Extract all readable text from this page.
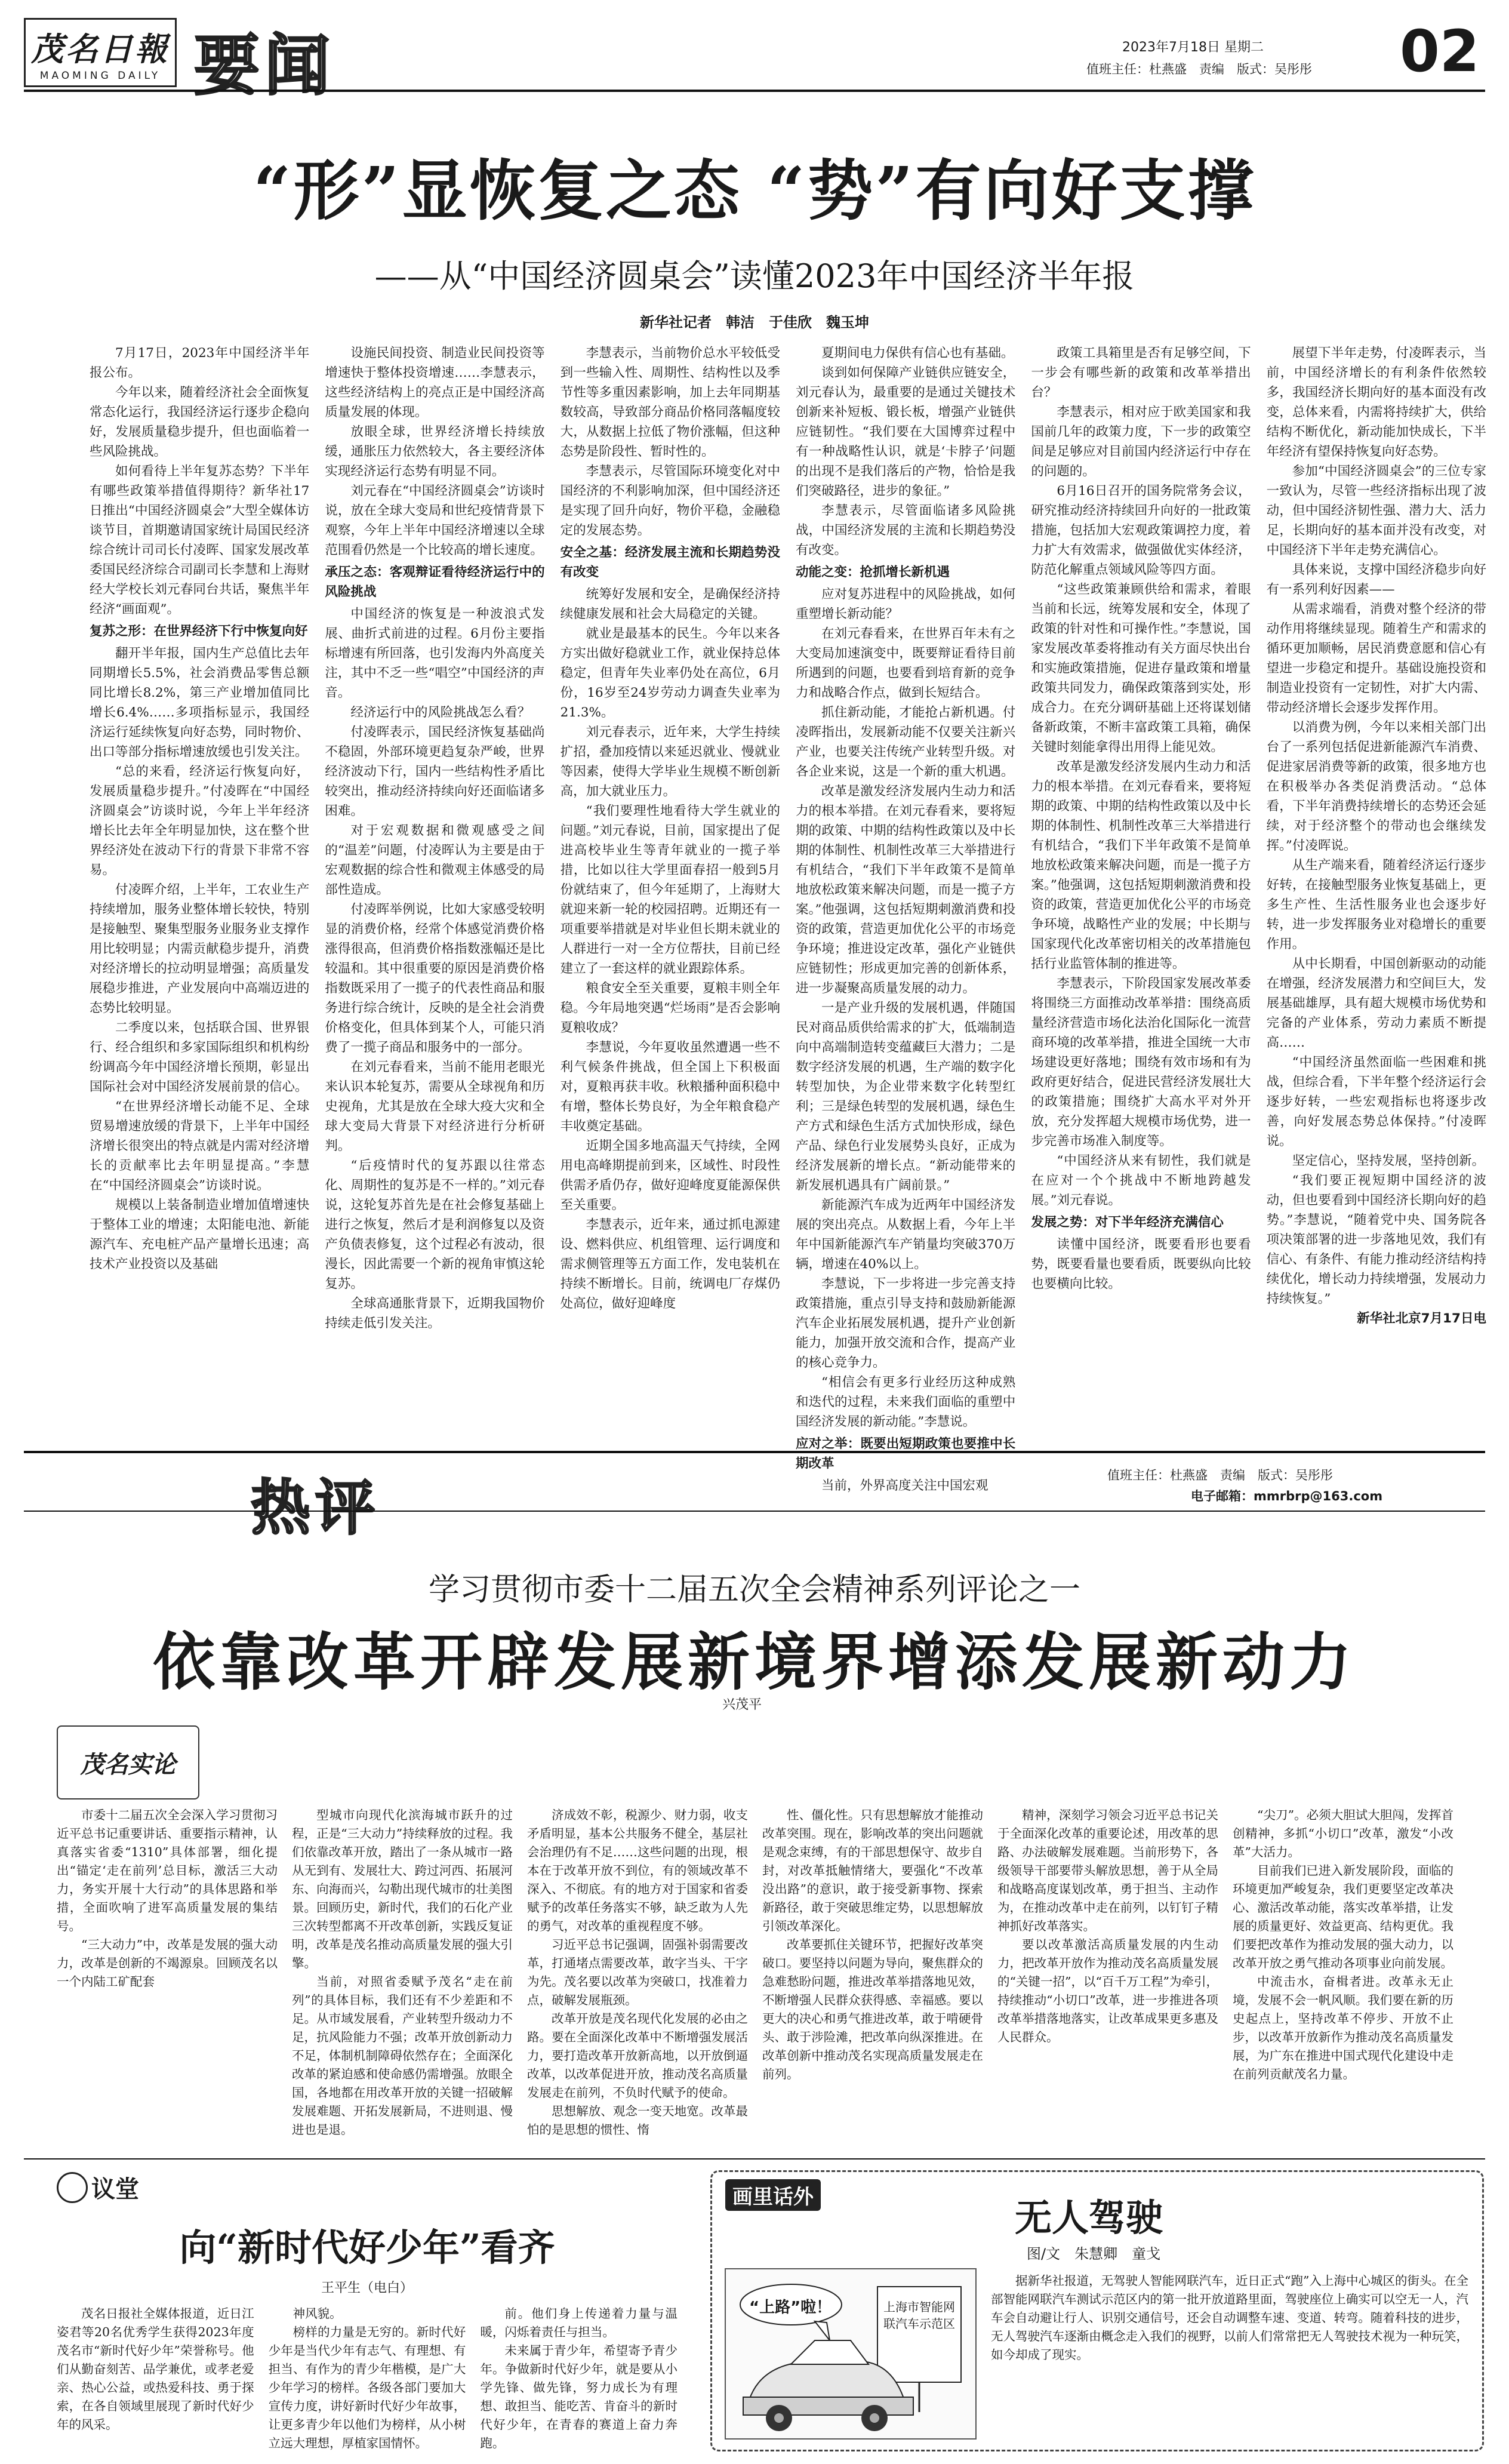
茂名日報
MAOMING DAILY 要闻	2023年7月18日 星期二
值班主任：杜燕盛　责编　版式：吴彤彤 02
“形”显恢复之态 “势”有向好支撑
——从“中国经济圆桌会”读懂2023年中国经济半年报
新华社记者　韩洁　于佳欣　魏玉坤

7月17日，2023年中国经济半年报公布。

今年以来，随着经济社会全面恢复常态化运行，我国经济运行逐步企稳向好，发展质量稳步提升，但也面临着一些风险挑战。

如何看待上半年复苏态势？下半年有哪些政策举措值得期待？新华社17日推出“中国经济圆桌会”大型全媒体访谈节目，首期邀请国家统计局国民经济综合统计司司长付凌晖、国家发展改革委国民经济综合司副司长李慧和上海财经大学校长刘元春同台共话，聚焦半年经济“画面观”。

复苏之形：在世界经济下行中恢复向好

翻开半年报，国内生产总值比去年同期增长5.5%，社会消费品零售总额同比增长8.2%，第三产业增加值同比增长6.4%……多项指标显示，我国经济运行延续恢复向好态势，同时物价、出口等部分指标增速放缓也引发关注。

“总的来看，经济运行恢复向好，发展质量稳步提升。”付凌晖在“中国经济圆桌会”访谈时说，今年上半年经济增长比去年全年明显加快，这在整个世界经济处在波动下行的背景下非常不容易。

付凌晖介绍，上半年，工农业生产持续增加，服务业整体增长较快，特别是接触型、聚集型服务业服务业支撑作用比较明显；内需贡献稳步提升，消费对经济增长的拉动明显增强；高质量发展稳步推进，产业发展向中高端迈进的态势比较明显。

二季度以来，包括联合国、世界银行、经合组织和多家国际组织和机构纷纷调高今年中国经济增长预期，彰显出国际社会对中国经济发展前景的信心。

“在世界经济增长动能不足、全球贸易增速放缓的背景下，上半年中国经济增长很突出的特点就是内需对经济增长的贡献率比去年明显提高。”李慧在“中国经济圆桌会”访谈时说。

规模以上装备制造业增加值增速快于整体工业的增速；太阳能电池、新能源汽车、充电桩产品产量增长迅速；高技术产业投资以及基础

设施民间投资、制造业民间投资等增速快于整体投资增速……李慧表示，这些经济结构上的亮点正是中国经济高质量发展的体现。

放眼全球，世界经济增长持续放缓，通胀压力依然较大，各主要经济体实现经济运行态势有明显不同。

刘元春在“中国经济圆桌会”访谈时说，放在全球大变局和世纪疫情背景下观察，今年上半年中国经济增速以全球范围看仍然是一个比较高的增长速度。

承压之态：客观辩证看待经济运行中的风险挑战

中国经济的恢复是一种波浪式发展、曲折式前进的过程。6月份主要指标增速有所回落，也引发海内外高度关注，其中不乏一些“唱空”中国经济的声音。

经济运行中的风险挑战怎么看？

付凌晖表示，国民经济恢复基础尚不稳固，外部环境更趋复杂严峻，世界经济波动下行，国内一些结构性矛盾比较突出，推动经济持续向好还面临诸多困难。

对于宏观数据和微观感受之间的“温差”问题，付凌晖认为主要是由于宏观数据的综合性和微观主体感受的局部性造成。

付凌晖举例说，比如大家感受较明显的消费价格，经常个体感觉消费价格涨得很高，但消费价格指数涨幅还是比较温和。其中很重要的原因是消费价格指数既采用了一揽子的代表性商品和服务进行综合统计，反映的是全社会消费价格变化，但具体到某个人，可能只消费了一揽子商品和服务中的一部分。

在刘元春看来，当前不能用老眼光来认识本轮复苏，需要从全球视角和历史视角，尤其是放在全球大疫大灾和全球大变局大背景下对经济进行分析研判。

“后疫情时代的复苏跟以往常态化、周期性的复苏是不一样的。”刘元春说，这轮复苏首先是在社会修复基础上进行之恢复，然后才是利润修复以及资产负债表修复，这个过程必有波动，很漫长，因此需要一个新的视角审慎这轮复苏。

全球高通胀背景下，近期我国物价持续走低引发关注。

李慧表示，当前物价总水平较低受到一些输入性、周期性、结构性以及季节性等多重因素影响，加上去年同期基数较高，导致部分商品价格同落幅度较大，从数据上拉低了物价涨幅，但这种态势是阶段性、暂时性的。

李慧表示，尽管国际环境变化对中国经济的不利影响加深，但中国经济还是实现了回升向好，物价平稳，金融稳定的发展态势。

安全之基：经济发展主流和长期趋势没有改变

统筹好发展和安全，是确保经济持续健康发展和社会大局稳定的关键。

就业是最基本的民生。今年以来各方实出做好稳就业工作，就业保持总体稳定，但青年失业率仍处在高位，6月份，16岁至24岁劳动力调查失业率为21.3%。

刘元春表示，近年来，大学生持续扩招，叠加疫情以来延迟就业、慢就业等因素，使得大学毕业生规模不断创新高，加大就业压力。

“我们要理性地看待大学生就业的问题。”刘元春说，目前，国家提出了促进高校毕业生等青年就业的一揽子举措，比如以往大学里面春招一般到5月份就结束了，但今年延期了，上海财大就迎来新一轮的校园招聘。近期还有一项重要举措就是对毕业但长期未就业的人群进行一对一全方位帮扶，目前已经建立了一套这样的就业跟踪体系。

粮食安全至关重要，夏粮丰则全年稳。今年局地突遇“烂场雨”是否会影响夏粮收成？

李慧说，今年夏收虽然遭遇一些不利气候条件挑战，但全国上下积极面对，夏粮再获丰收。秋粮播种面积稳中有增，整体长势良好，为全年粮食稳产丰收奠定基础。

近期全国多地高温天气持续，全网用电高峰期提前到来，区域性、时段性供需矛盾仍存，做好迎峰度夏能源保供至关重要。

李慧表示，近年来，通过抓电源建设、燃料供应、机组管理、运行调度和需求侧管理等五方面工作，发电装机在持续不断增长。目前，统调电厂存煤仍处高位，做好迎峰度

夏期间电力保供有信心也有基础。

谈到如何保障产业链供应链安全，刘元春认为，最重要的是通过关键技术创新来补短板、锻长板，增强产业链供应链韧性。“我们要在大国博弈过程中有一种战略性认识，就是‘卡脖子’问题的出现不是我们落后的产物，恰恰是我们突破路径，进步的象征。”

李慧表示，尽管面临诸多风险挑战，中国经济发展的主流和长期趋势没有改变。

动能之变：抢抓增长新机遇

应对复苏进程中的风险挑战，如何重塑增长新动能？

在刘元春看来，在世界百年未有之大变局加速演变中，既要辩证看待目前所遇到的问题，也要看到培育新的竞争力和战略合作点，做到长短结合。

抓住新动能，才能抢占新机遇。付凌晖指出，发展新动能不仅要关注新兴产业，也要关注传统产业转型升级。对各企业来说，这是一个新的重大机遇。

改革是激发经济发展内生动力和活力的根本举措。在刘元春看来，要将短期的政策、中期的结构性政策以及中长期的体制性、机制性改革三大举措进行有机结合，“我们下半年政策不是简单地放松政策来解决问题，而是一揽子方案。”他强调，这包括短期刺激消费和投资的政策，营造更加优化公平的市场竞争环境；推进设定改革，强化产业链供应链韧性；形成更加完善的创新体系，进一步凝聚高质量发展的动力。

一是产业升级的发展机遇，伴随国民对商品质供给需求的扩大，低端制造向中高端制造转变蕴藏巨大潜力；二是数字经济发展的机遇，生产端的数字化转型加快，为企业带来数字化转型红利；三是绿色转型的发展机遇，绿色生产方式和绿色生活方式加快形成，绿色产品、绿色行业发展势头良好，正成为经济发展新的增长点。“新动能带来的新发展机遇具有广阔前景。”

新能源汽车成为近两年中国经济发展的突出亮点。从数据上看，今年上半年中国新能源汽车产销量均突破370万辆，增速在40%以上。

李慧说，下一步将进一步完善支持政策措施，重点引导支持和鼓励新能源汽车企业拓展发展机遇，提升产业创新能力，加强开放交流和合作，提高产业的核心竞争力。

“相信会有更多行业经历这种成熟和迭代的过程，未来我们面临的重塑中国经济发展的新动能。”李慧说。

应对之举：既要出短期政策也要推中长期改革

当前，外界高度关注中国宏观

政策工具箱里是否有足够空间，下一步会有哪些新的政策和改革举措出台？

李慧表示，相对应于欧美国家和我国前几年的政策力度，下一步的政策空间是足够应对目前国内经济运行中存在的问题的。

6月16日召开的国务院常务会议，研究推动经济持续回升向好的一批政策措施，包括加大宏观政策调控力度，着力扩大有效需求，做强做优实体经济，防范化解重点领域风险等四方面。

“这些政策兼顾供给和需求，着眼当前和长远，统筹发展和安全，体现了政策的针对性和可操作性。”李慧说，国家发展改革委将推动有关方面尽快出台和实施政策措施，促进存量政策和增量政策共同发力，确保政策落到实处，形成合力。在充分调研基础上还将谋划储备新政策，不断丰富政策工具箱，确保关键时刻能拿得出用得上能见效。

改革是激发经济发展内生动力和活力的根本举措。在刘元春看来，要将短期的政策、中期的结构性政策以及中长期的体制性、机制性改革三大举措进行有机结合，“我们下半年政策不是简单地放松政策来解决问题，而是一揽子方案。”他强调，这包括短期刺激消费和投资的政策，营造更加优化公平的市场竞争环境，战略性产业的发展；中长期与国家现代化改革密切相关的改革措施包括行业监管体制的推进等。

李慧表示，下阶段国家发展改革委将围绕三方面推动改革举措：围绕高质量经济营造市场化法治化国际化一流营商环境的改革举措，推进全国统一大市场建设更好落地；围绕有效市场和有为政府更好结合，促进民营经济发展壮大的政策措施；围绕扩大高水平对外开放，充分发挥超大规模市场优势，进一步完善市场准入制度等。

“中国经济从来有韧性，我们就是在应对一个个挑战中不断地跨越发展。”刘元春说。

发展之势：对下半年经济充满信心

读懂中国经济，既要看形也要看势，既要看量也要看质，既要纵向比较也要横向比较。

展望下半年走势，付凌晖表示，当前，中国经济增长的有利条件依然较多，我国经济长期向好的基本面没有改变，总体来看，内需将持续扩大，供给结构不断优化，新动能加快成长，下半年经济有望保持恢复向好态势。

参加“中国经济圆桌会”的三位专家一致认为，尽管一些经济指标出现了波动，但中国经济韧性强、潜力大、活力足，长期向好的基本面并没有改变，对中国经济下半年走势充满信心。

具体来说，支撑中国经济稳步向好有一系列利好因素——

从需求端看，消费对整个经济的带动作用将继续显现。随着生产和需求的循环更加顺畅，居民消费意愿和信心有望进一步稳定和提升。基础设施投资和制造业投资有一定韧性，对扩大内需、带动经济增长会逐步发挥作用。

以消费为例，今年以来相关部门出台了一系列包括促进新能源汽车消费、促进家居消费等新的政策，很多地方也在积极举办各类促消费活动。“总体看，下半年消费持续增长的态势还会延续，对于经济整个的带动也会继续发挥。”付凌晖说。

从生产端来看，随着经济运行逐步好转，在接触型服务业恢复基础上，更多生产性、生活性服务业也会逐步好转，进一步发挥服务业对稳增长的重要作用。

从中长期看，中国创新驱动的动能在增强，经济发展潜力和空间巨大，发展基础雄厚，具有超大规模市场优势和完备的产业体系，劳动力素质不断提高……

“中国经济虽然面临一些困难和挑战，但综合看，下半年整个经济运行会逐步好转，一些宏观指标也将逐步改善，向好发展态势总体保持。”付凌晖说。

坚定信心，坚持发展，坚持创新。

“我们要正视短期中国经济的波动，但也要看到中国经济长期向好的趋势。”李慧说，“随着党中央、国务院各项决策部署的进一步落地见效，我们有信心、有条件、有能力推动经济结构持续优化，增长动力持续增强，发展动力持续恢复。”

新华社北京7月17日电

热评	值班主任：杜燕盛　责编　版式：吴彤彤
电子邮箱：mmrbrp@163.com
学习贯彻市委十二届五次全会精神系列评论之一
依靠改革开辟发展新境界增添发展新动力
兴茂平
茂名实论

市委十二届五次全会深入学习贯彻习近平总书记重要讲话、重要指示精神，认真落实省委“1310”具体部署，细化提出“锚定‘走在前列’总目标，激活三大动力，务实开展十大行动”的具体思路和举措，全面吹响了进军高质量发展的集结号。

“三大动力”中，改革是发展的强大动力，改革是创新的不竭源泉。回顾茂名以一个内陆工矿配套

型城市向现代化滨海城市跃升的过程，正是“三大动力”持续释放的过程。我们依靠改革开放，踏出了一条从城市一路从无到有、发展壮大、跨过河西、拓展河东、向海而兴，勾勒出现代城市的壮美图景。回顾历史，新时代，我们的石化产业三次转型都离不开改革创新，实践反复证明，改革是茂名推动高质量发展的强大引擎。

当前，对照省委赋予茂名“走在前列”的具体目标，我们还有不少差距和不足。从市域发展看，产业转型升级动力不足，抗风险能力不强；改革开放创新动力不足，体制机制障碍依然存在；全面深化改革的紧迫感和使命感仍需增强。放眼全国，各地都在用改革开放的关键一招破解发展难题、开拓发展新局，不进则退、慢进也是退。

济成效不彰，税源少、财力弱，收支矛盾明显，基本公共服务不健全，基层社会治理仍有不足……这些问题的出现，根本在于改革开放不到位，有的领域改革不深入、不彻底。有的地方对于国家和省委赋予的改革任务落实不够，缺乏敢为人先的勇气，对改革的重视程度不够。

习近平总书记强调，固强补弱需要改革，打通堵点需要改革，敢字当头、干字为先。茂名要以改革为突破口，找准着力点，破解发展瓶颈。

改革开放是茂名现代化发展的必由之路。要在全面深化改革中不断增强发展活力，要打造改革开放新高地，以开放倒逼改革，以改革促进开放，推动茂名高质量发展走在前列，不负时代赋予的使命。

思想解放、观念一变天地宽。改革最怕的是思想的惯性、惰

性、僵化性。只有思想解放才能推动改革突围。现在，影响改革的突出问题就是观念束缚，有的干部思想保守、故步自封，对改革抵触情绪大，要强化“不改革没出路”的意识，敢于接受新事物、探索新路径，敢于突破思维定势，以思想解放引领改革深化。

改革要抓住关键环节，把握好改革突破口。要坚持以问题为导向，聚焦群众的急难愁盼问题，推进改革举措落地见效，不断增强人民群众获得感、幸福感。要以更大的决心和勇气推进改革，敢于啃硬骨头、敢于涉险滩，把改革向纵深推进。在改革创新中推动茂名实现高质量发展走在前列。

精神，深刻学习领会习近平总书记关于全面深化改革的重要论述，用改革的思路、办法破解发展难题。当前形势下，各级领导干部要带头解放思想，善于从全局和战略高度谋划改革，勇于担当、主动作为，在推动改革中走在前列，以钉钉子精神抓好改革落实。

要以改革激活高质量发展的内生动力，把改革开放作为推动茂名高质量发展的“关键一招”，以“百千万工程”为牵引，持续推动“小切口”改革，进一步推进各项改革举措落地落实，让改革成果更多惠及人民群众。

“尖刀”。必须大胆试大胆闯，发挥首创精神，多抓“小切口”改革，激发“小改革”大活力。

目前我们已进入新发展阶段，面临的环境更加严峻复杂，我们更要坚定改革决心、激活改革动能，落实改革举措，让发展的质量更好、效益更高、结构更优。我们要把改革作为推动发展的强大动力，以改革开放之勇气推动各项事业向前发展。

中流击水，奋楫者进。改革永无止境，发展不会一帆风顺。我们要在新的历史起点上，坚持改革不停步、开放不止步，以改革开放新作为推动茂名高质量发展，为广东在推进中国式现代化建设中走在前列贡献茂名力量。

议堂
向“新时代好少年”看齐
王平生（电白）

茂名日报社全媒体报道，近日江姿君等20名优秀学生获得2023年度茂名市“新时代好少年”荣誉称号。他们从勤奋刻苦、品学兼优，或孝老爱亲、热心公益，或热爱科技、勇于探索，在各自领域里展现了新时代好少年的风采。

神风貌。

榜样的力量是无穷的。新时代好少年是当代少年有志气、有理想、有担当、有作为的青少年楷模，是广大少年学习的榜样。各级各部门要加大宣传力度，讲好新时代好少年故事，让更多青少年以他们为榜样，从小树立远大理想，厚植家国情怀。

前。他们身上传递着力量与温暖，闪烁着责任与担当。

未来属于青少年，希望寄予青少年。争做新时代好少年，就是要从小学先锋、做先锋，努力成长为有理想、敢担当、能吃苦、肯奋斗的新时代好少年，在青春的赛道上奋力奔跑。

画里话外	无人驾驶
图/文　朱慧卿　童戈
“上路”啦！	上海市智能网联汽车示范区
据新华社报道，无驾驶人智能网联汽车，近日正式“跑”入上海中心城区的街头。在全部智能网联汽车测试示范区内的第一批开放道路里面，驾驶座位上确实可以空无一人，汽车会自动避让行人、识别交通信号，还会自动调整车速、变道、转弯。随着科技的进步，无人驾驶汽车逐渐由概念走入我们的视野，以前人们常常把无人驾驶技术视为一种玩笑，如今却成了现实。
